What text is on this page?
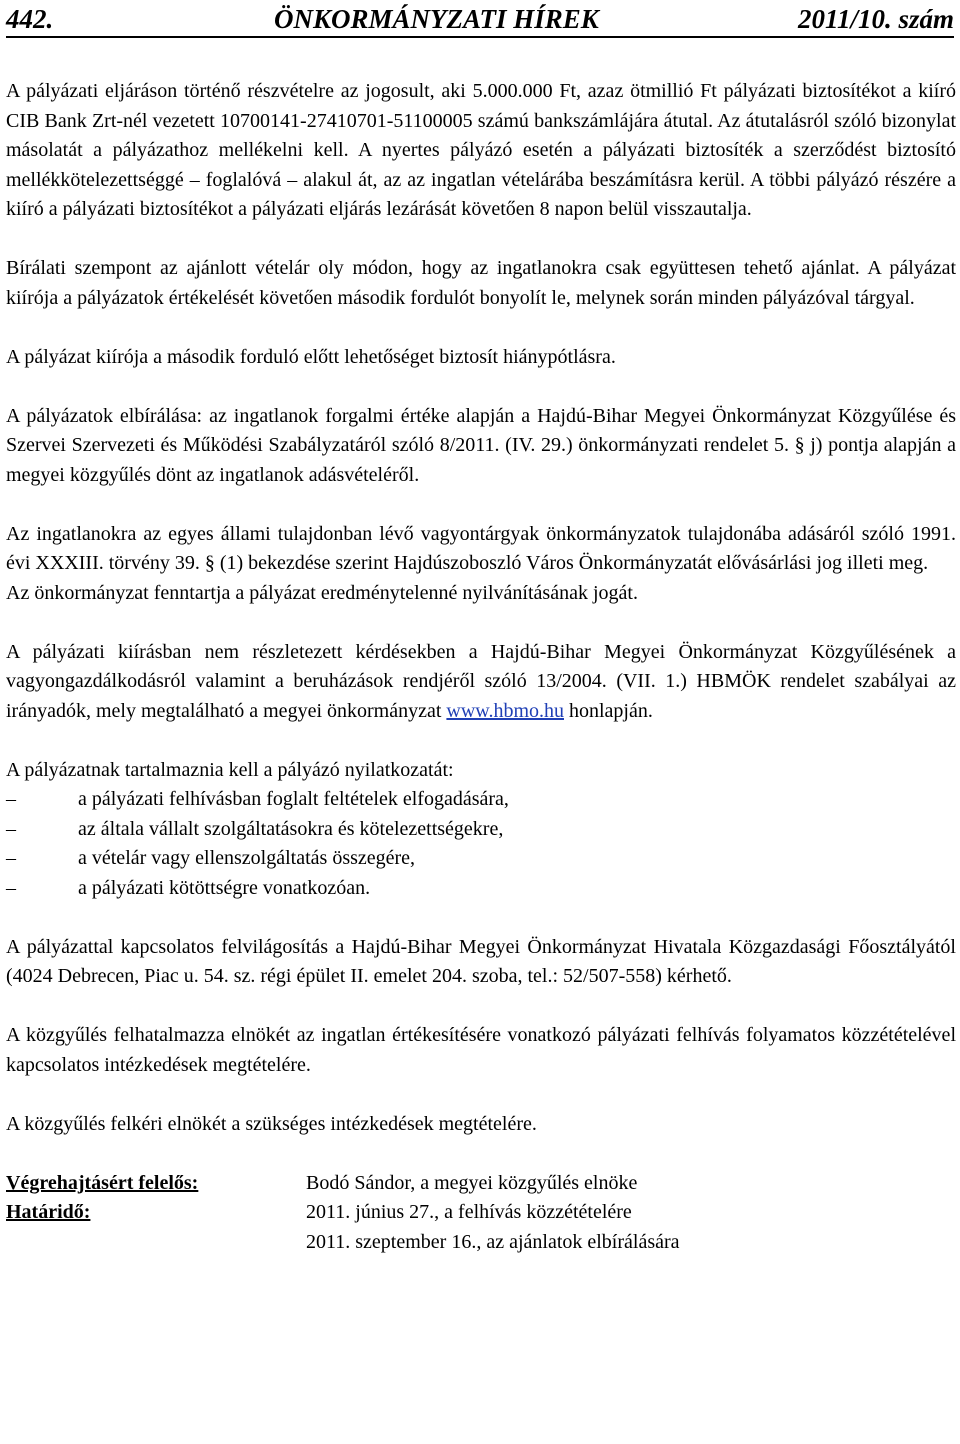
442.	ÖNKORMÁNYZATI HÍREK	2011/10. szám

A pályázati eljáráson történő részvételre az jogosult, aki 5.000.000 Ft, azaz ötmillió Ft pályázati biztosítékot a kiíró CIB Bank Zrt-nél vezetett 10700141-27410701-51100005 számú bankszámlájára átutal. Az átutalásról szóló bizonylat másolatát a pályázathoz mellékelni kell. A nyertes pályázó esetén a pályázati biztosíték a szerződést biztosító mellékkötelezettséggé – foglalóvá – alakul át, az az ingatlan vételárába beszámításra kerül. A többi pályázó részére a kiíró a pályázati biztosítékot a pályázati eljárás lezárását követően 8 napon belül visszautalja.

Bírálati szempont az ajánlott vételár oly módon, hogy az ingatlanokra csak együttesen tehető ajánlat. A pályázat kiírója a pályázatok értékelését követően második fordulót bonyolít le, melynek során minden pályázóval tárgyal.

A pályázat kiírója a második forduló előtt lehetőséget biztosít hiánypótlásra.

A pályázatok elbírálása: az ingatlanok forgalmi értéke alapján a Hajdú-Bihar Megyei Önkormányzat Közgyűlése és Szervei Szervezeti és Működési Szabályzatáról szóló 8/2011. (IV. 29.) önkormányzati rendelet 5. § j) pontja alapján a megyei közgyűlés dönt az ingatlanok adásvételéről.

Az ingatlanokra az egyes állami tulajdonban lévő vagyontárgyak önkormányzatok tulajdonába adásáról szóló 1991. évi XXXIII. törvény 39. § (1) bekezdése szerint Hajdúszoboszló Város Önkormányzatát elővásárlási jog illeti meg.

Az önkormányzat fenntartja a pályázat eredménytelenné nyilvánításának jogát.

A pályázati kiírásban nem részletezett kérdésekben a Hajdú-Bihar Megyei Önkormányzat Közgyűlésének a vagyongazdálkodásról valamint a beruházások rendjéről szóló 13/2004. (VII. 1.) HBMÖK rendelet szabályai az irányadók, mely megtalálható a megyei önkormányzat www.hbmo.hu honlapján.

A pályázatnak tartalmaznia kell a pályázó nyilatkozatát:

–	a pályázati felhívásban foglalt feltételek elfogadására,
–	az általa vállalt szolgáltatásokra és kötelezettségekre,
–	a vételár vagy ellenszolgáltatás összegére,
–	a pályázati kötöttségre vonatkozóan.

A pályázattal kapcsolatos felvilágosítás a Hajdú-Bihar Megyei Önkormányzat Hivatala Közgazdasági Főosztályától (4024 Debrecen, Piac u. 54. sz. régi épület II. emelet 204. szoba, tel.: 52/507-558) kérhető.

A közgyűlés felhatalmazza elnökét az ingatlan értékesítésére vonatkozó pályázati felhívás folyamatos közzétételével kapcsolatos intézkedések megtételére.

A közgyűlés felkéri elnökét a szükséges intézkedések megtételére.

Végrehajtásért felelős:	Bodó Sándor, a megyei közgyűlés elnöke
Határidő:	2011. június 27., a felhívás közzétételére
2011. szeptember 16., az ajánlatok elbírálására
